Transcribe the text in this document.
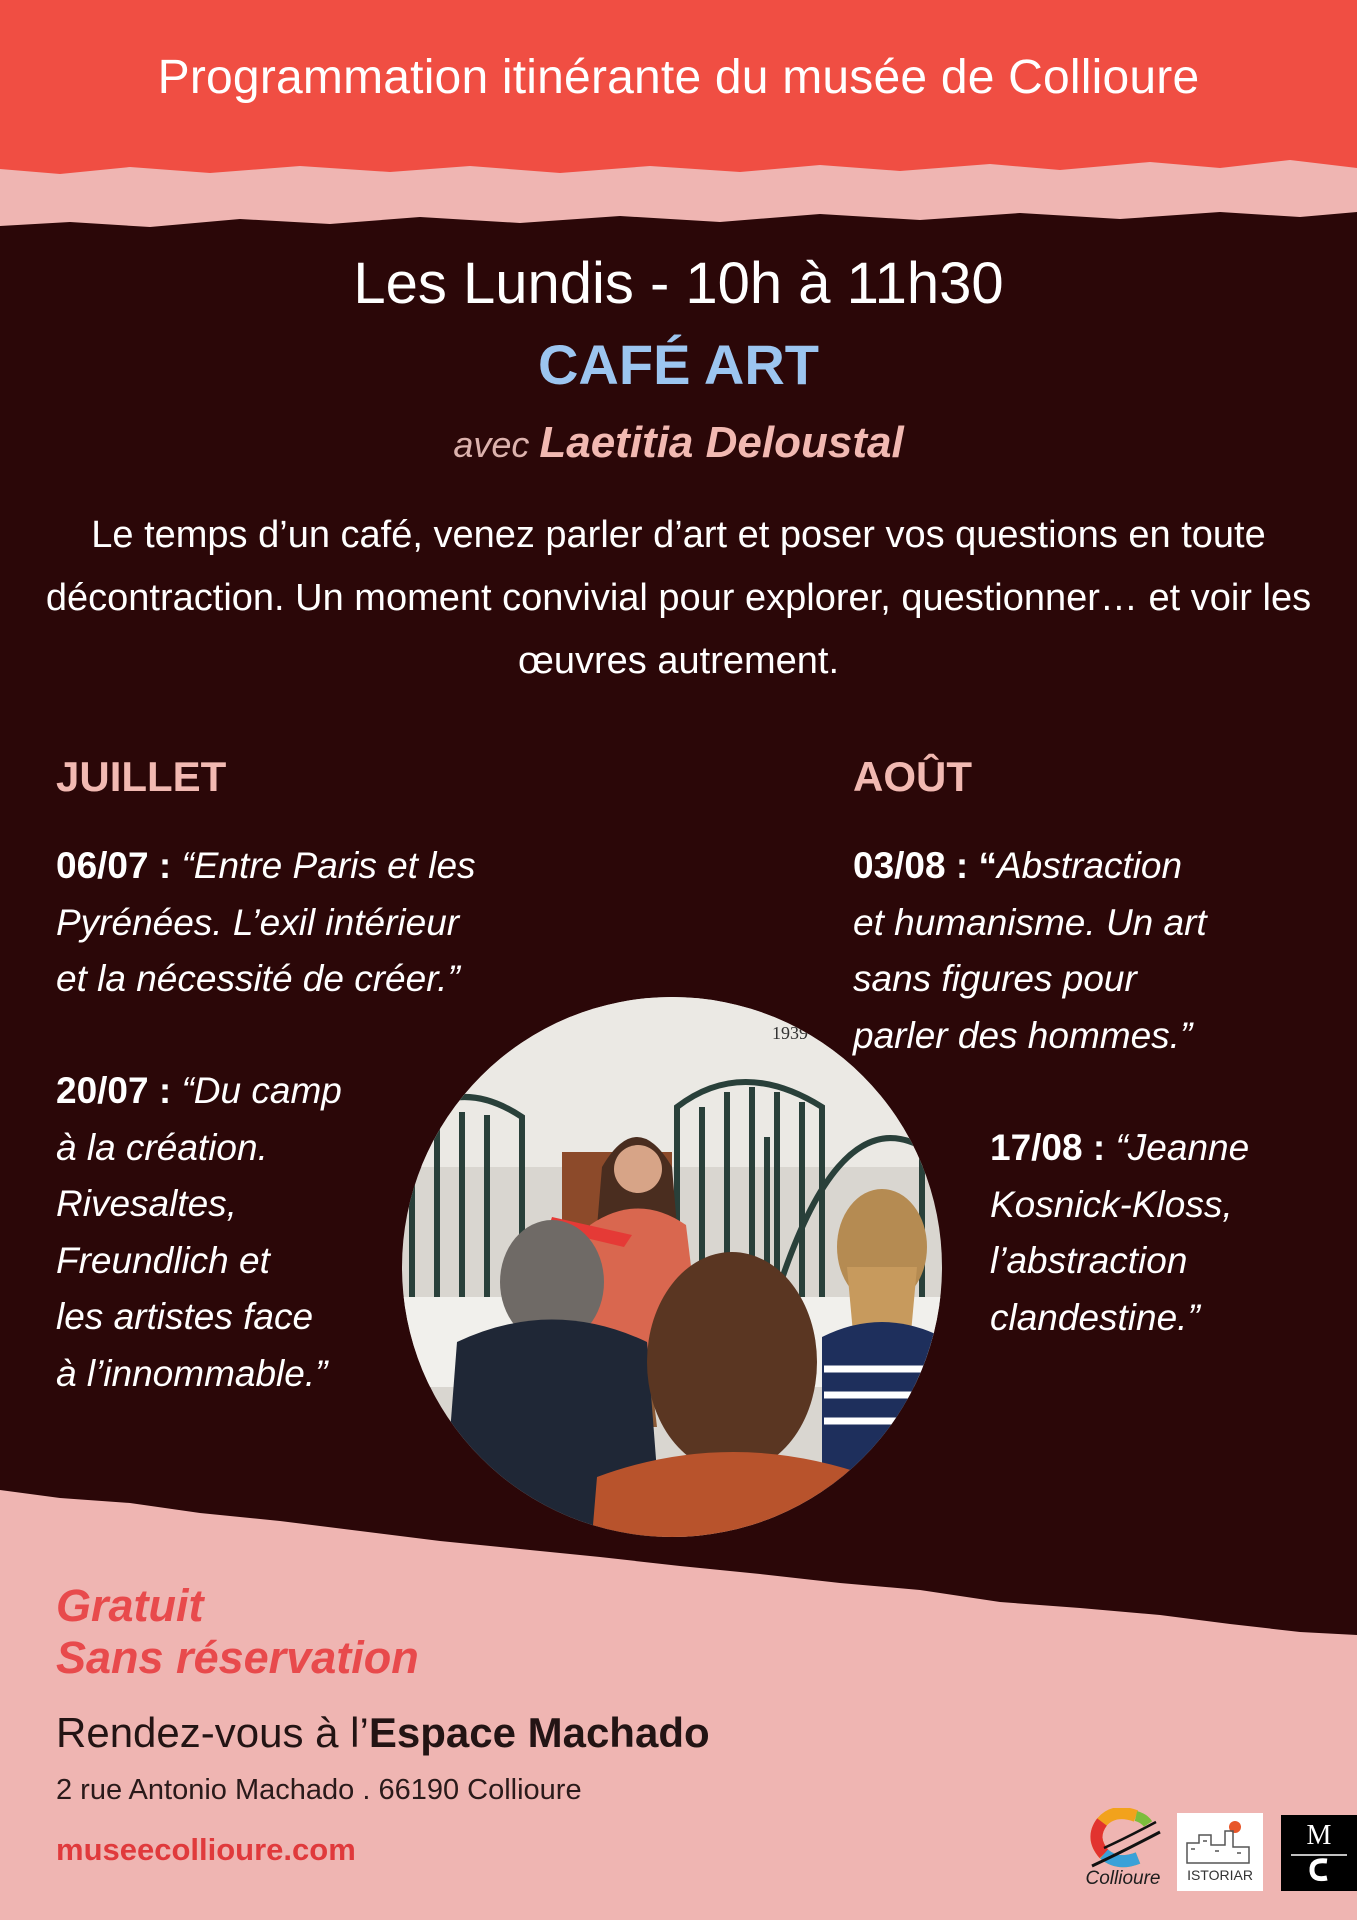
Programmation itinérante du musée de Collioure

Les Lundis - 10h à 11h30

CAFÉ ART

avec Laetitia Deloustal

Le temps d’un café, venez parler d’art et poser vos questions en toute décontraction. Un moment convivial pour explorer, questionner… et voir les œuvres autrement.

JUILLET	AOÛT

06/07 : “Entre Paris et les
Pyrénées. L’exil intérieur
et la nécessité de créer.”

20/07 : “Du camp
à la création.
Rivesaltes,
Freundlich et
les artistes face
à l’innommable.”

03/08 : “Abstraction
et humanisme. Un art
sans figures pour
parler des hommes.”

17/08 : “Jeanne
Kosnick-Kloss,
l’abstraction
clandestine.”

1939

Gratuit
Sans réservation

Rendez-vous à l’Espace Machado

2 rue Antonio Machado . 66190 Collioure

museecollioure.com
Collioure	ISTORIAR
M
